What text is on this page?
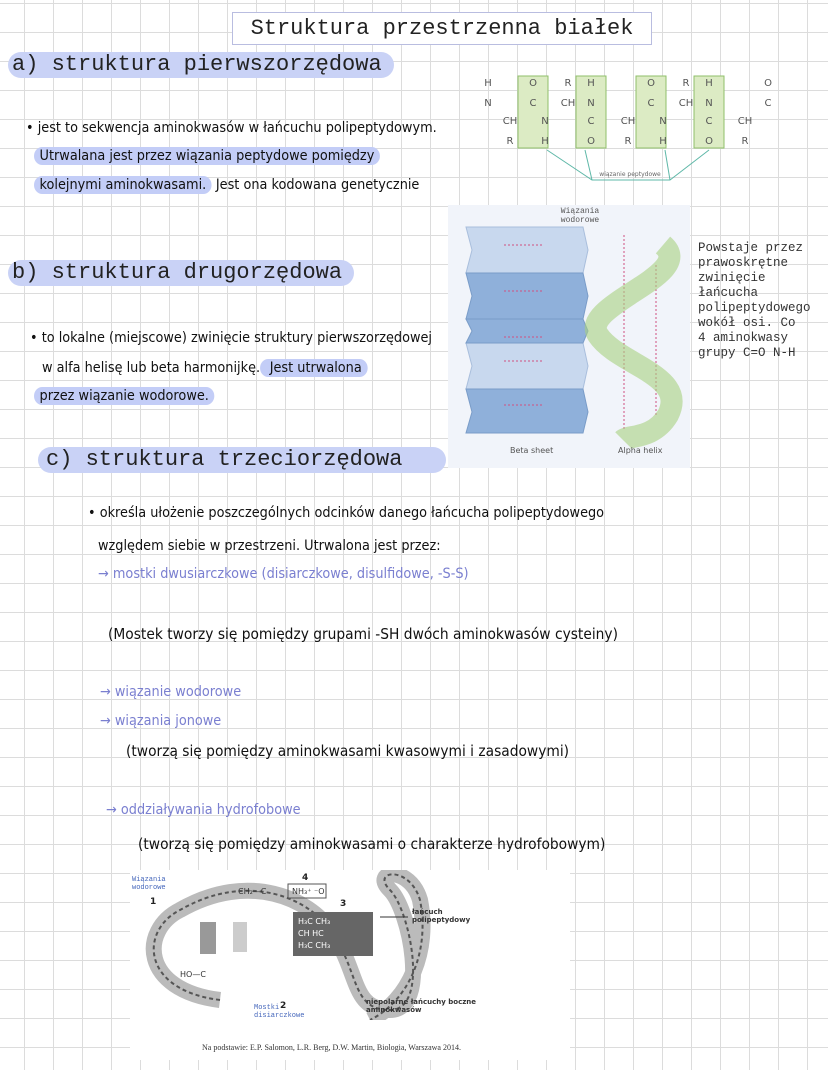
Struktura przestrzenna białek
a) struktura pierwszorzędowa
• jest to sekwencja aminokwasów w łańcuchu polipeptydowym.
Utrwalana jest przez wiązania peptydowe pomiędzy
kolejnymi aminokwasami. Jest ona kodowana genetycznie
H
N
CH
R
O
C
N
H
R
CH
H
N
C
O
CH
R
O
C
N
H
R
CH
H
N
C
O
CH
R
O
C
wiązanie peptydowe
b) struktura drugorzędowa
• to lokalne (miejscowe) zwinięcie struktury pierwszorzędowej
w alfa helisę lub beta harmonijkę. Jest utrwalona
przez wiązanie wodorowe.
Beta sheet	Alpha helix
Wiązania wodorowe
Powstaje przez prawoskrętne zwinięcie łańcucha polipeptydowego wokół osi. Co 4 aminokwasy grupy C=O N-H
c) struktura trzeciorzędowa
• określa ułożenie poszczególnych odcinków danego łańcucha polipeptydowego
względem siebie w przestrzeni. Utrwalona jest przez:
→ mostki dwusiarczkowe (disiarczkowe, disulfidowe, -S-S)
(Mostek tworzy się pomiędzy grupami -SH dwóch aminokwasów cysteiny)
→ wiązanie wodorowe
→ wiązania jonowe
(tworzą się pomiędzy aminokwasami kwasowymi i zasadowymi)
→ oddziaływania hydrofobowe
(tworzą się pomiędzy aminokwasami o charakterze hydrofobowym)
CH₂—C	NH₃⁺ ⁻O
H₃C CH₃
CH HC
H₃C CH₃
HO—C
1
2
3
4
Wiązania wodorowe
Mostki disiarczkowe
łańcuch polipeptydowy
niepolarne łańcuchy boczne aminokwasów
Na podstawie: E.P. Salomon, L.R. Berg, D.W. Martin, Biologia, Warszawa 2014.
